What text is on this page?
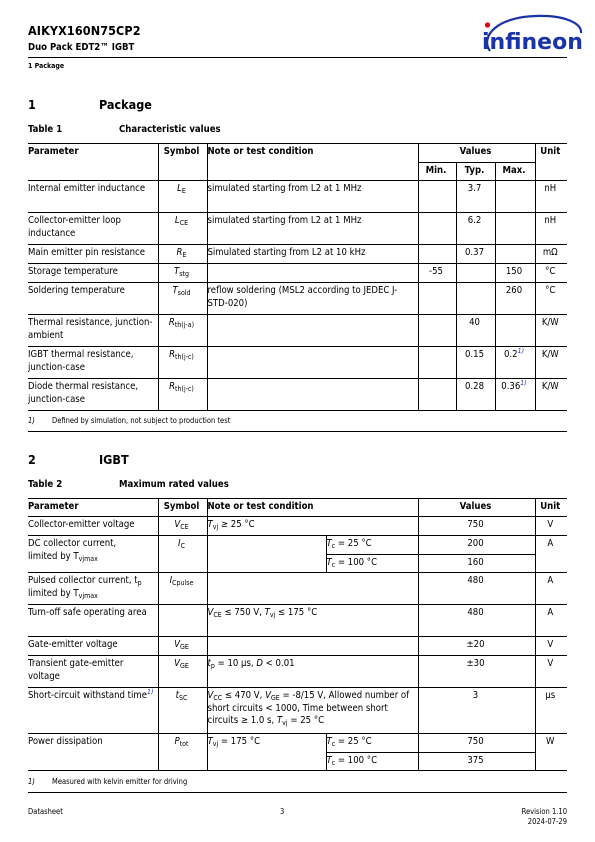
AIKYX160N75CP2
Duo Pack EDT2™ IGBT
1 Package
infineon
1	Package
Table 1	Characteristic values
Parameter	Symbol	Note or test condition	Values			Unit
			Min.	Typ.	Max.	
Internal emitter inductance	$L_E$	simulated starting from L2 at 1 MHz		3.7		nH
Collector-emitter loop inductance	$L_{CE}$	simulated starting from L2 at 1 MHz		6.2		nH
Main emitter pin resistance	$R_E$	Simulated starting from L2 at 10 kHz		0.37		mΩ
Storage temperature	$T_{stg}$		-55		150	°C
Soldering temperature	$T_{sold}$	reflow soldering (MSL2 according to JEDEC J-STD-020)			260	°C
Thermal resistance, junction-ambient	$R_{th(j-a)}$			40		K/W
IGBT thermal resistance, junction-case	$R_{th(j-c)}$			0.15	0.2$^{1)}$	K/W
Diode thermal resistance, junction-case	$R_{th(j-c)}$			0.28	0.36$^{1)}$	K/W
1) Defined by simulation, not subject to production test
2	IGBT
Table 2	Maximum rated values
Parameter	Symbol	Note or test condition		Values	Unit
Collector-emitter voltage	$V_{CE}$	$T_{vj} \ge 25$ °C		750	V
DC collector current,
limited by $T_{vjmax}$	$I_C$		$T_c = 25$ °C	200	A
			$T_c = 100$ °C	160	
Pulsed collector current, $t_p$
limited by $T_{vjmax}$	$I_{Cpulse}$			480	A
Turn-off safe operating area		$V_{CE} \le 750$ V, $T_{vj} \le 175$ °C		480	A
Gate-emitter voltage	$V_{GE}$			±20	V
Transient gate-emitter voltage	$V_{GE}$	$t_p = 10$ µs, D < 0.01		±30	V
Short-circuit withstand time$^{1)}$	$t_{SC}$	$V_{CC} \le 470$ V, $V_{GE} = -8/15$ V, Allowed number of short circuits < 1000, Time between short circuits ≥ 1.0 s, $T_{vj} = 25$ °C		3	µs
Power dissipation	$P_{tot}$	$T_{vj} = 175$ °C	$T_c = 25$ °C	750	W
			$T_c = 100$ °C	375	
1) Measured with kelvin emitter for driving
Datasheet	3	Revision 1.10
2024-07-29
